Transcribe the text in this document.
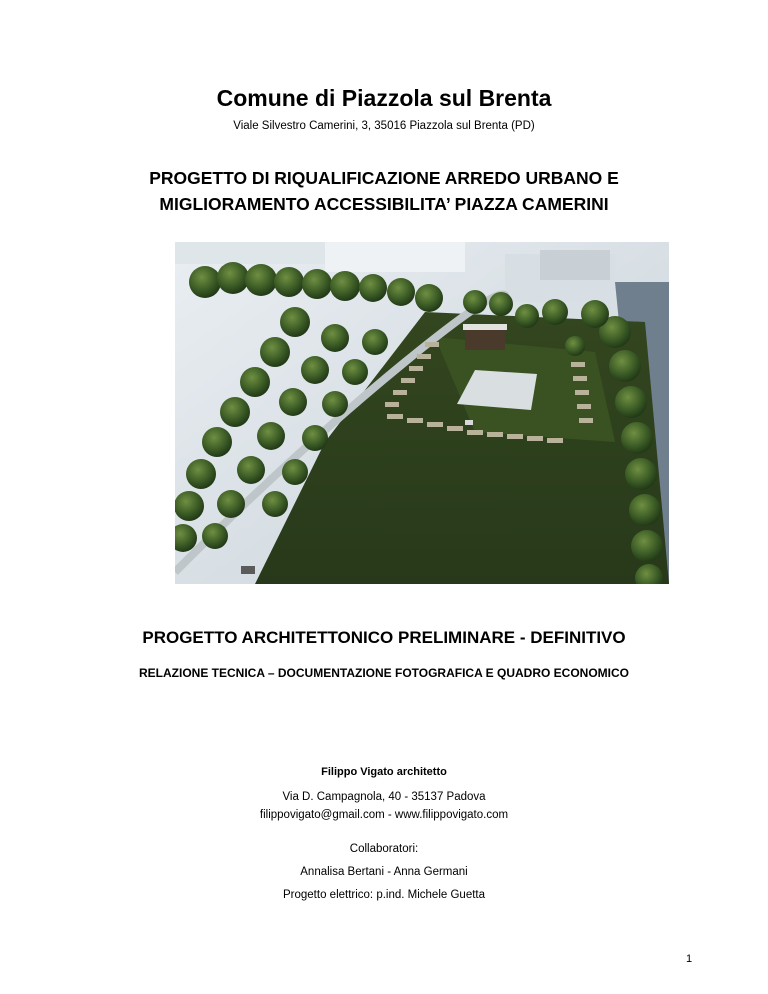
Comune di Piazzola sul Brenta
Viale Silvestro Camerini, 3, 35016 Piazzola sul Brenta (PD)
PROGETTO DI RIQUALIFICAZIONE ARREDO URBANO E
MIGLIORAMENTO ACCESSIBILITA’ PIAZZA CAMERINI
PROGETTO ARCHITETTONICO PRELIMINARE - DEFINITIVO
RELAZIONE TECNICA – DOCUMENTAZIONE FOTOGRAFICA E QUADRO ECONOMICO
Filippo Vigato architetto
Via D. Campagnola, 40 - 35137 Padova
filippovigato@gmail.com - www.filippovigato.com
Collaboratori:
Annalisa Bertani - Anna Germani
Progetto elettrico: p.ind. Michele Guetta
1
